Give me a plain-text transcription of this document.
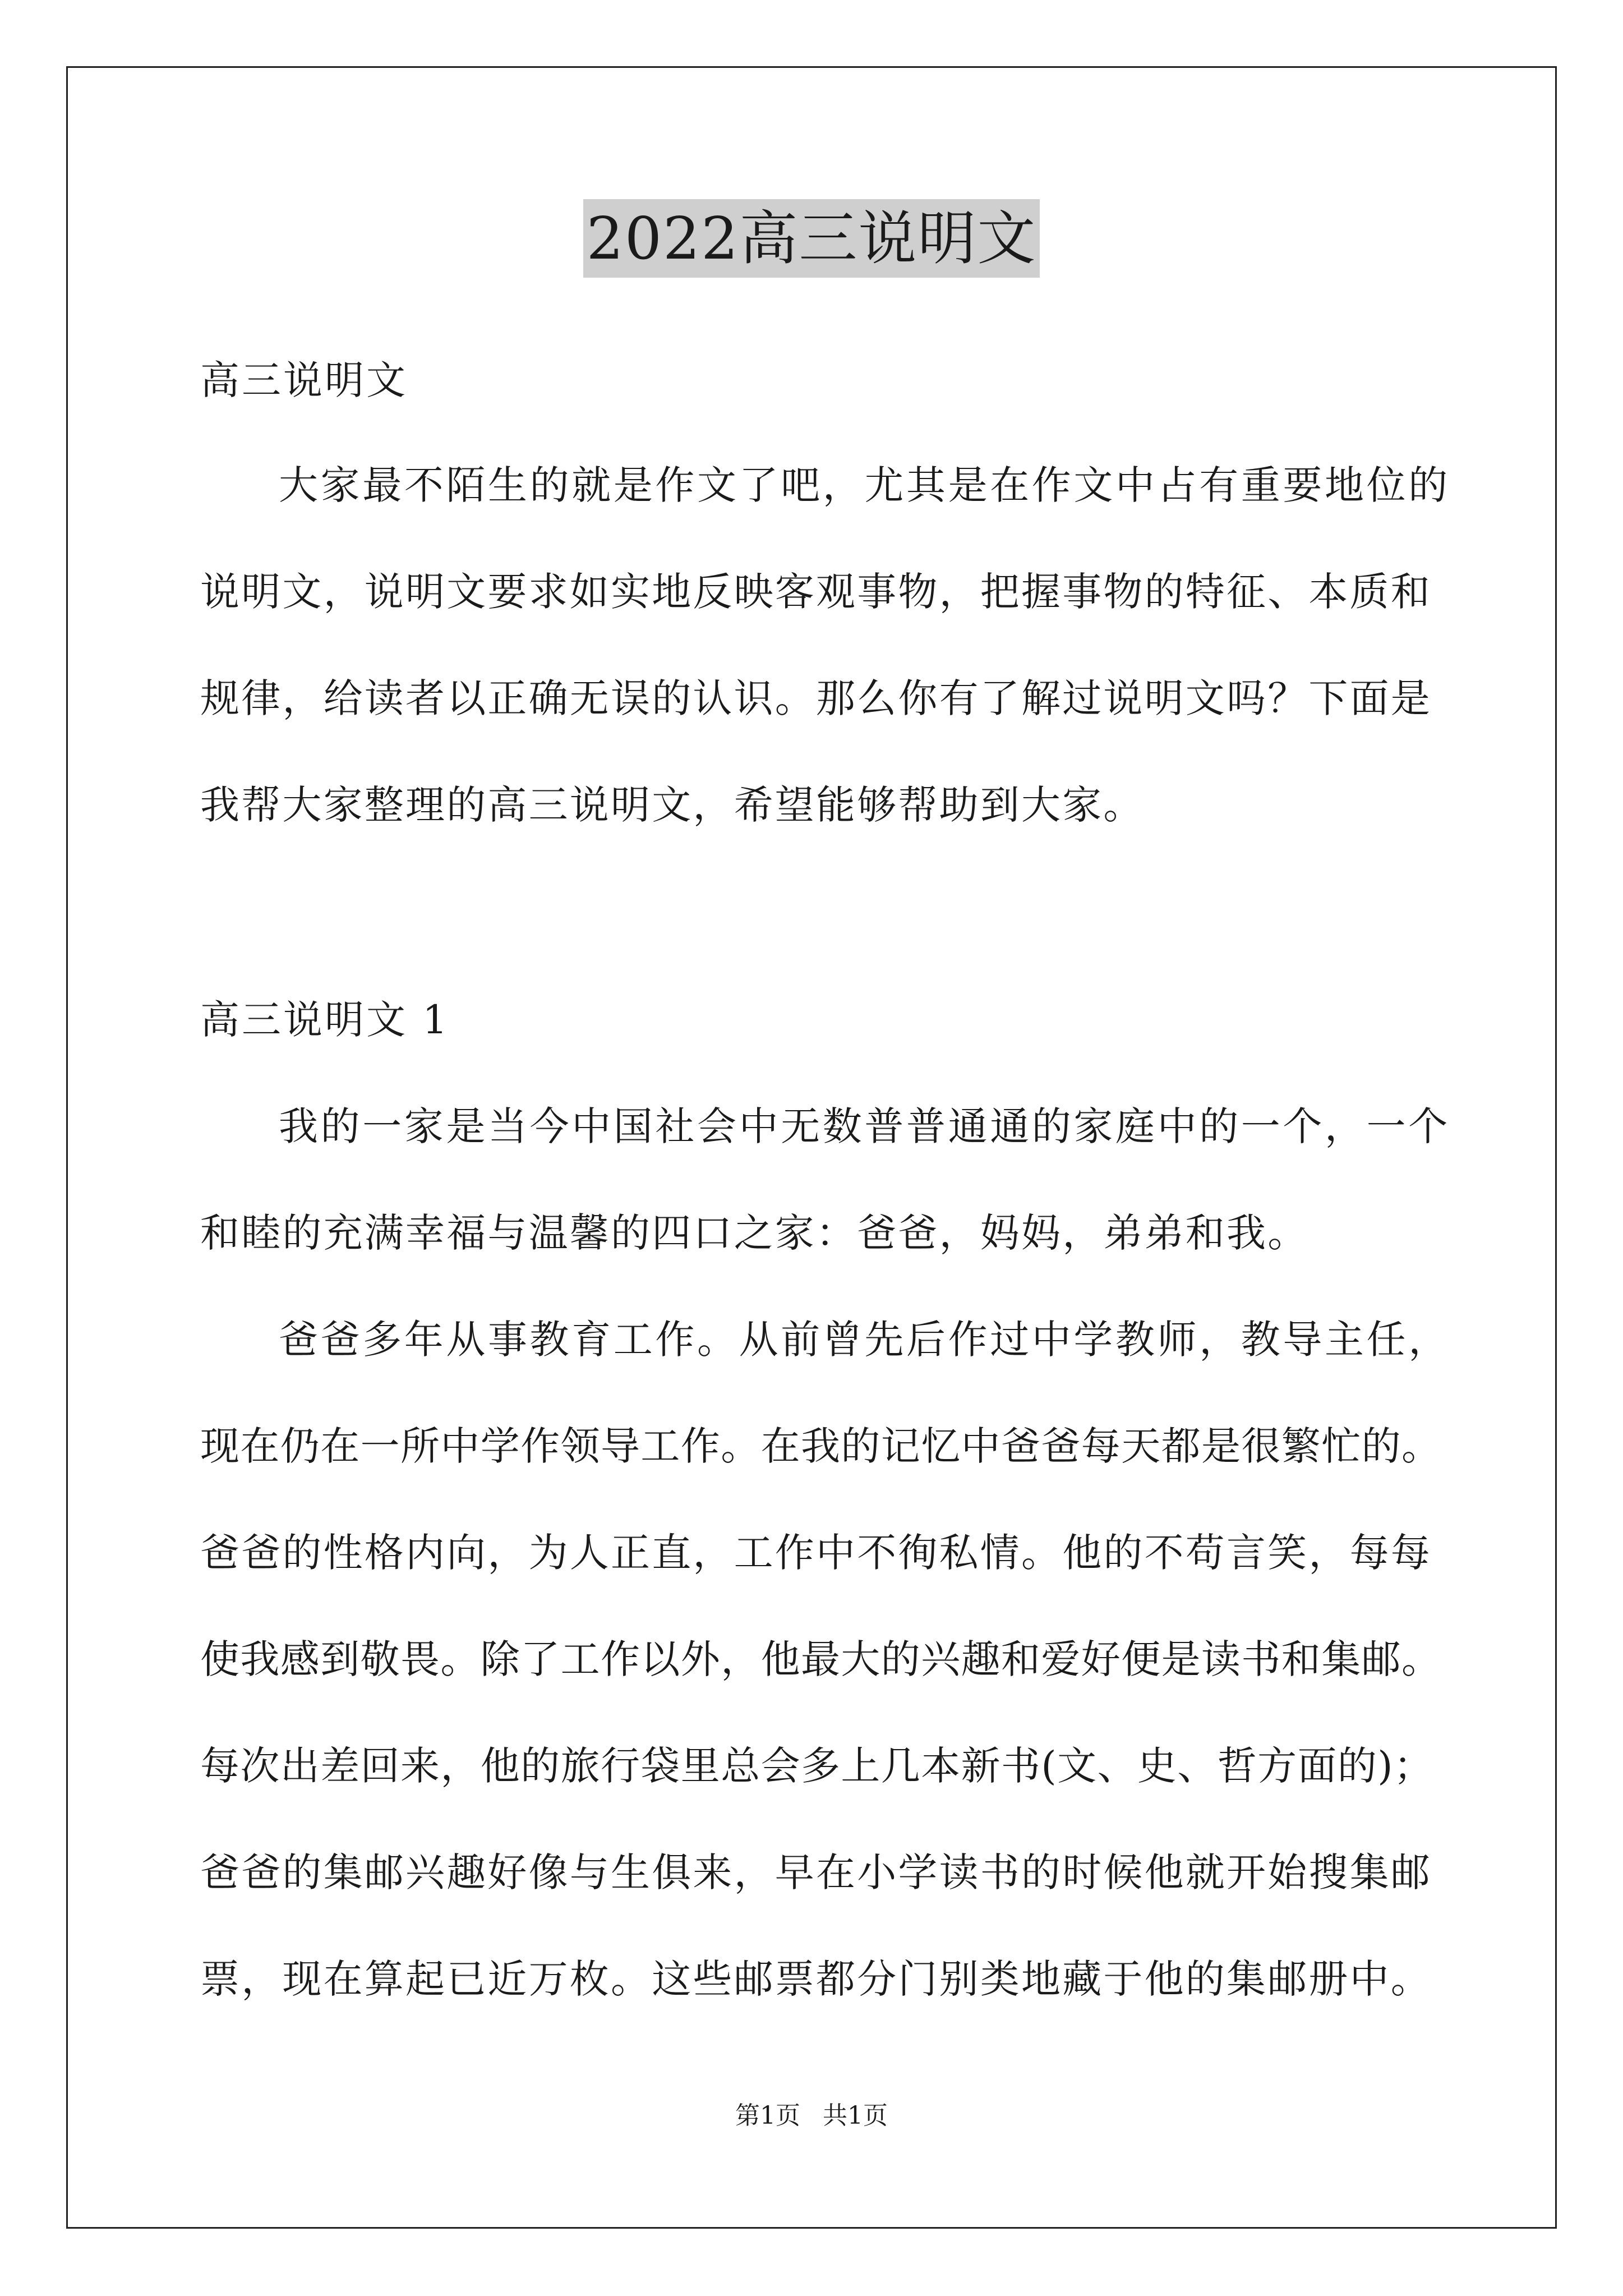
2022高三说明文
高三说明文
大家最不陌生的就是作文了吧，尤其是在作文中占有重要地位的
说明文，说明文要求如实地反映客观事物，把握事物的特征、本质和
规律，给读者以正确无误的认识。那么你有了解过说明文吗？下面是
我帮大家整理的高三说明文，希望能够帮助到大家。
高三说明文 1
我的一家是当今中国社会中无数普普通通的家庭中的一个，一个
和睦的充满幸福与温馨的四口之家：爸爸，妈妈，弟弟和我。
爸爸多年从事教育工作。从前曾先后作过中学教师，教导主任，
现在仍在一所中学作领导工作。在我的记忆中爸爸每天都是很繁忙的。
爸爸的性格内向，为人正直，工作中不徇私情。他的不苟言笑，每每
使我感到敬畏。除了工作以外，他最大的兴趣和爱好便是读书和集邮。
每次出差回来，他的旅行袋里总会多上几本新书(文、史、哲方面的)；
爸爸的集邮兴趣好像与生俱来，早在小学读书的时候他就开始搜集邮
票，现在算起已近万枚。这些邮票都分门别类地藏于他的集邮册中。
第1页 共1页
